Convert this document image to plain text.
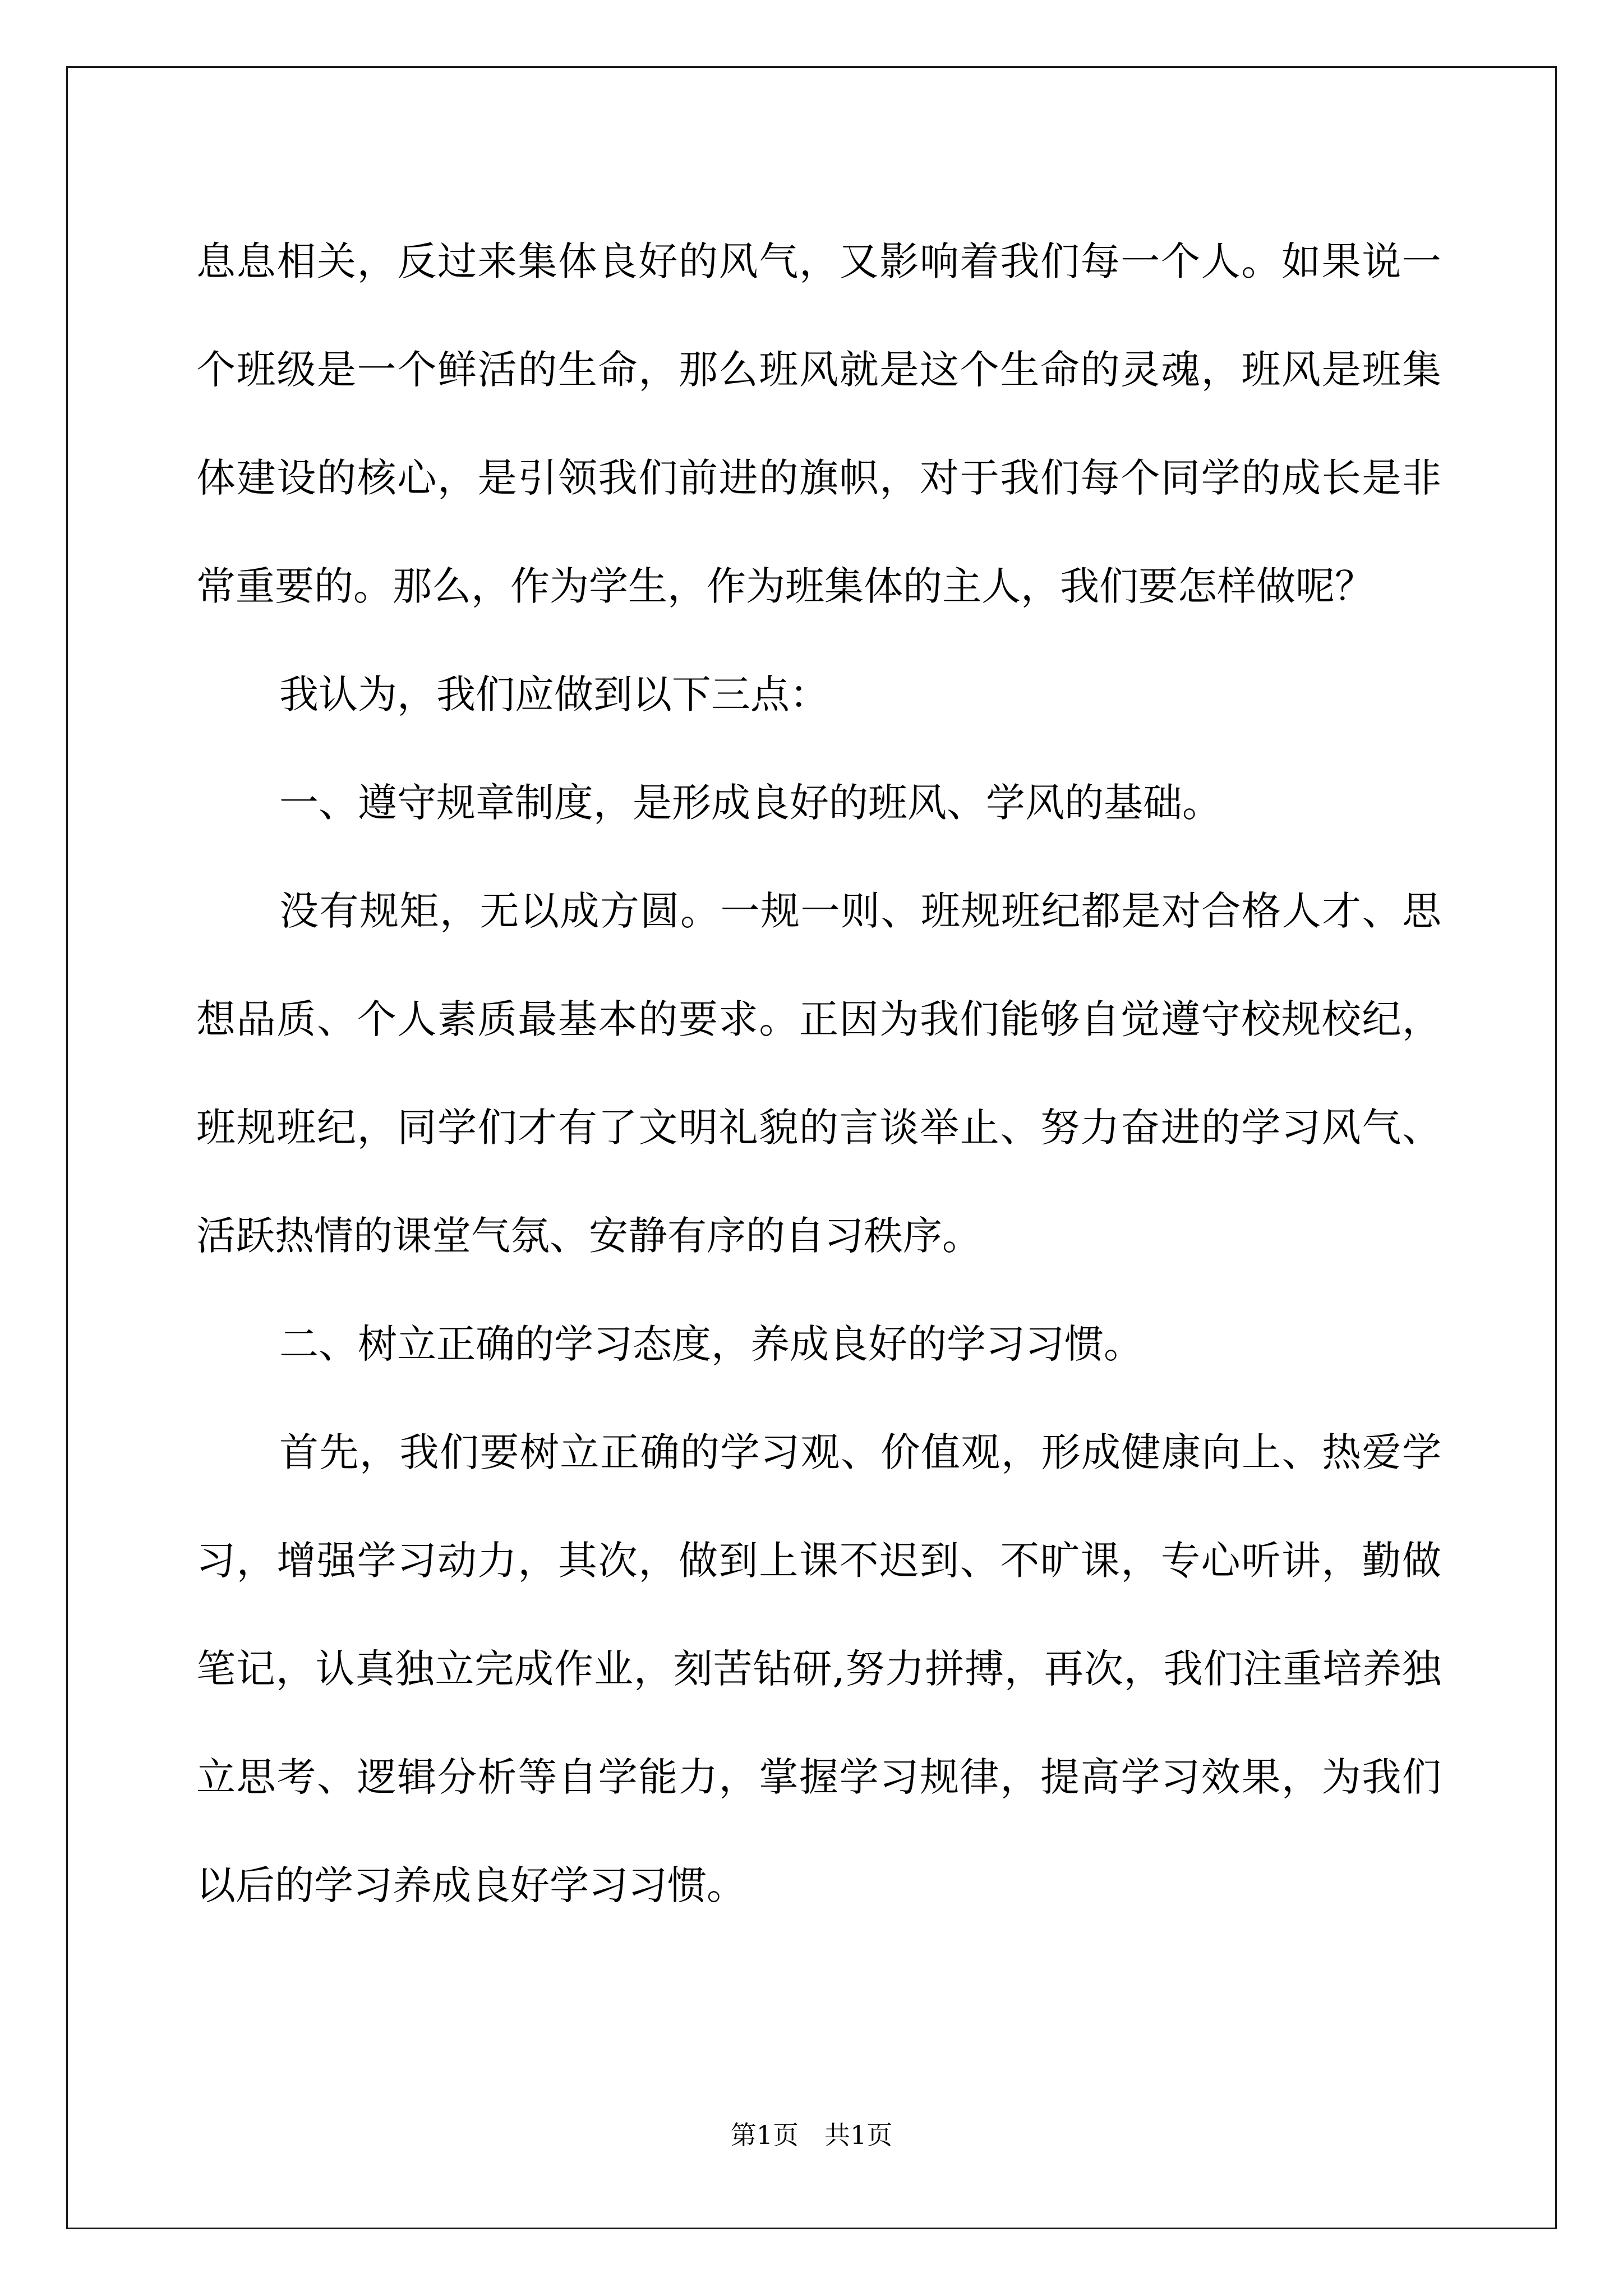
息息相关，反过来集体良好的风气，又影响着我们每一个人。如果说一个班级是一个鲜活的生命，那么班风就是这个生命的灵魂，班风是班集体建设的核心，是引领我们前进的旗帜，对于我们每个同学的成长是非常重要的。那么，作为学生，作为班集体的主人，我们要怎样做呢？

我认为，我们应做到以下三点：

一、遵守规章制度，是形成良好的班风、学风的基础。

没有规矩，无以成方圆。一规一则、班规班纪都是对合格人才、思想品质、个人素质最基本的要求。正因为我们能够自觉遵守校规校纪，班规班纪，同学们才有了文明礼貌的言谈举止、努力奋进的学习风气、活跃热情的课堂气氛、安静有序的自习秩序。

二、树立正确的学习态度，养成良好的学习习惯。

首先，我们要树立正确的学习观、价值观，形成健康向上、热爱学习，增强学习动力，其次，做到上课不迟到、不旷课，专心听讲，勤做笔记，认真独立完成作业，刻苦钻研,努力拼搏，再次，我们注重培养独立思考、逻辑分析等自学能力，掌握学习规律，提高学习效果，为我们以后的学习养成良好学习习惯。

第1页　共1页
